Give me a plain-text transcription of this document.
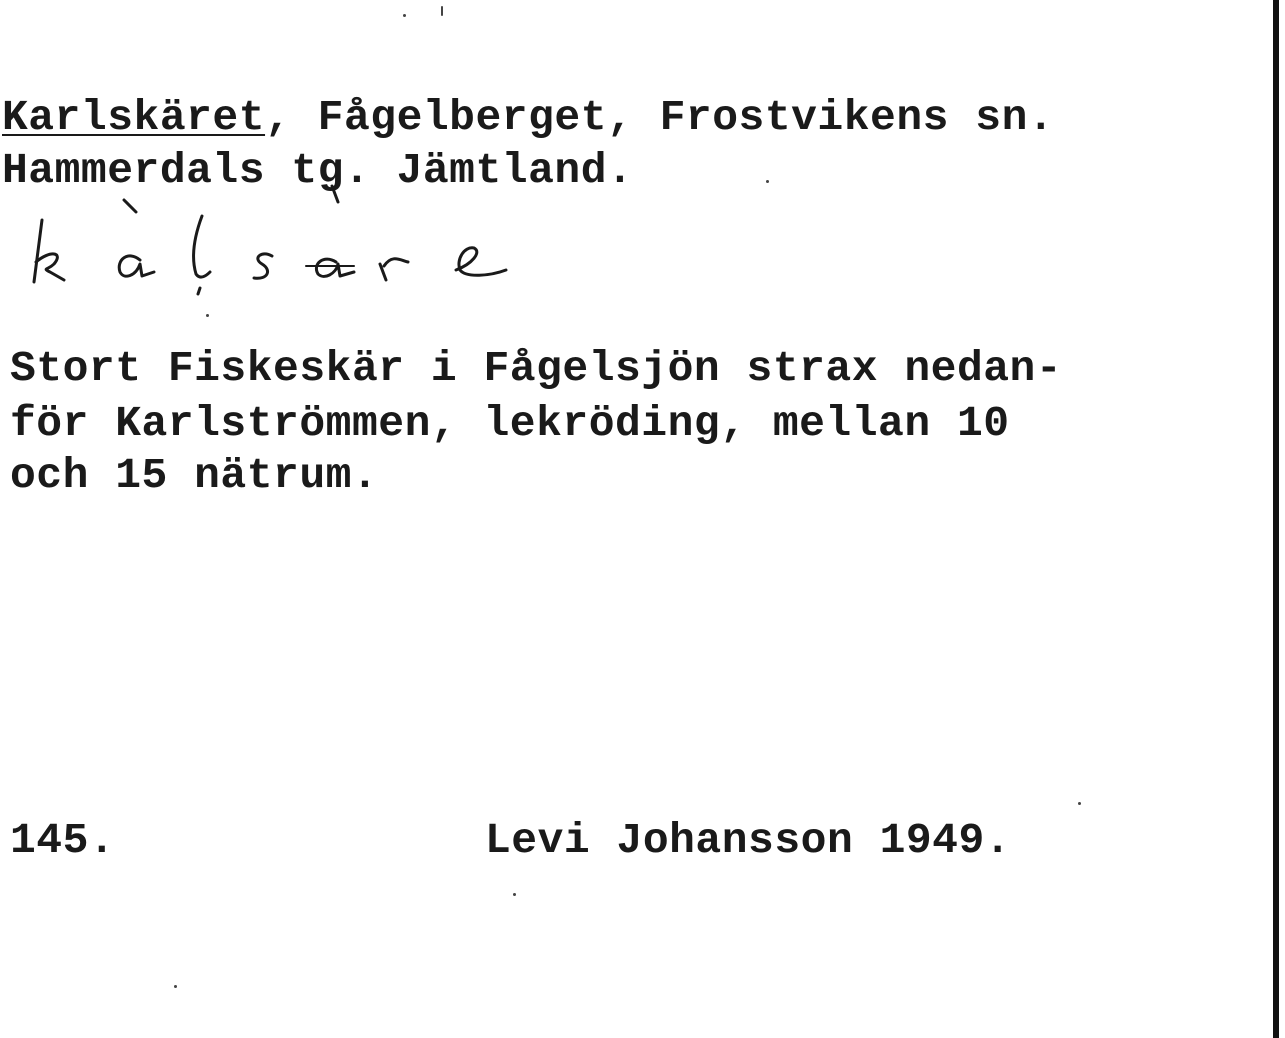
Karlskäret, Fågelberget, Frostvikens sn.

Hammerdals tg. Jämtland.

Stort Fiskeskär i Fågelsjön strax nedan-

för Karlströmmen, lekröding, mellan 10

och 15 nätrum.

145.	Levi Johansson 1949.
